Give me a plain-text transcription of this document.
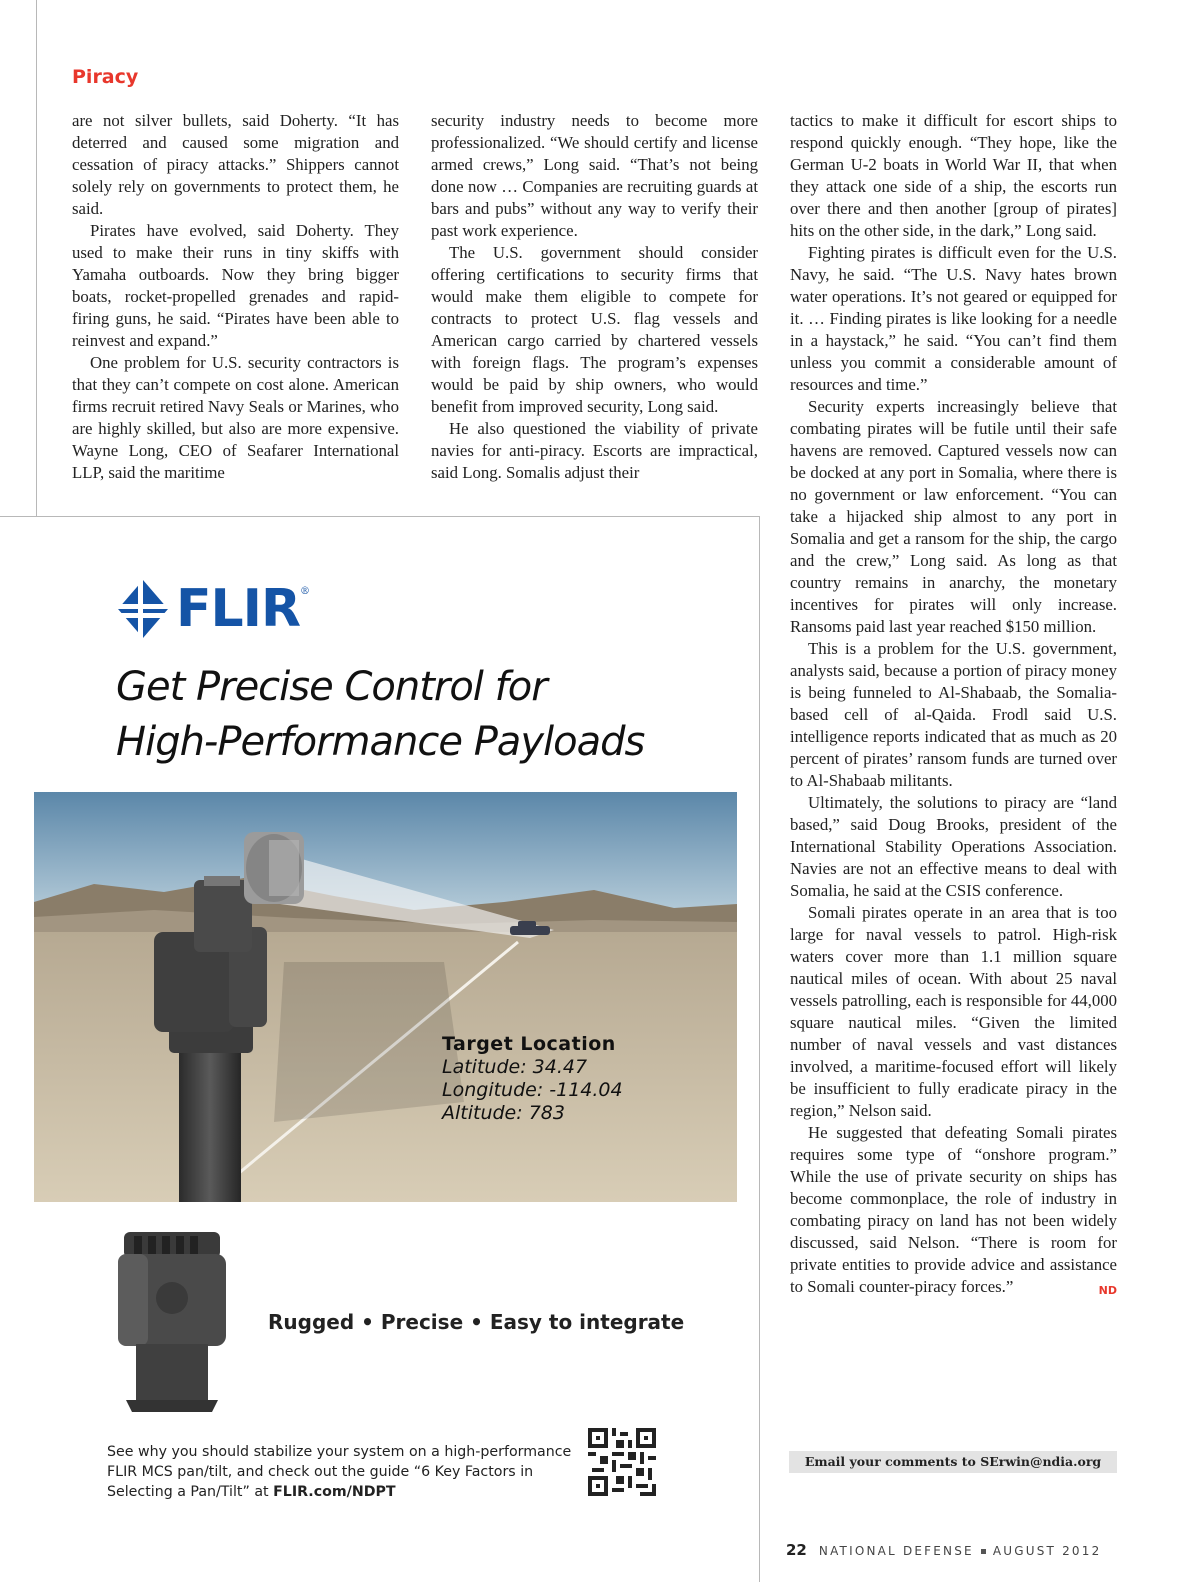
Piracy

are not silver bullets, said Doherty. “It has deterred and caused some migration and cessation of piracy attacks.” Shippers cannot solely rely on governments to protect them, he said.

Pirates have evolved, said Doherty. They used to make their runs in tiny skiffs with Yamaha outboards. Now they bring bigger boats, rocket-propelled grenades and rapid-firing guns, he said. “Pirates have been able to reinvest and expand.”

One problem for U.S. security contractors is that they can’t compete on cost alone. American firms recruit retired Navy Seals or Marines, who are highly skilled, but also are more expensive. Wayne Long, CEO of Seafarer International LLP, said the maritime

security industry needs to become more professionalized. “We should certify and license armed crews,” Long said. “That’s not being done now … Companies are recruiting guards at bars and pubs” without any way to verify their past work experience.

The U.S. government should consider offering certifications to security firms that would make them eligible to compete for contracts to protect U.S. flag vessels and American cargo carried by chartered vessels with foreign flags. The program’s expenses would be paid by ship owners, who would benefit from improved security, Long said.

He also questioned the viability of private navies for anti-piracy. Escorts are impractical, said Long. Somalis adjust their

tactics to make it difficult for escort ships to respond quickly enough. “They hope, like the German U-2 boats in World War II, that when they attack one side of a ship, the escorts run over there and then another [group of pirates] hits on the other side, in the dark,” Long said.

Fighting pirates is difficult even for the U.S. Navy, he said. “The U.S. Navy hates brown water operations. It’s not geared or equipped for it. … Finding pirates is like looking for a needle in a haystack,” he said. “You can’t find them unless you commit a considerable amount of resources and time.”

Security experts increasingly believe that combating pirates will be futile until their safe havens are removed. Captured vessels now can be docked at any port in Somalia, where there is no government or law enforcement. “You can take a hijacked ship almost to any port in Somalia and get a ransom for the ship, the cargo and the crew,” Long said. As long as that country remains in anarchy, the monetary incentives for pirates will only increase. Ransoms paid last year reached $150 million.

This is a problem for the U.S. government, analysts said, because a portion of piracy money is being funneled to Al-Shabaab, the Somalia-based cell of al-Qaida. Frodl said U.S. intelligence reports indicated that as much as 20 percent of pirates’ ransom funds are turned over to Al-Shabaab militants.

Ultimately, the solutions to piracy are “land based,” said Doug Brooks, president of the International Stability Operations Association. Navies are not an effective means to deal with Somalia, he said at the CSIS conference.

Somali pirates operate in an area that is too large for naval vessels to patrol. High-risk waters cover more than 1.1 million square nautical miles of ocean. With about 25 naval vessels patrolling, each is responsible for 44,000 square nautical miles. “Given the limited number of naval vessels and vast distances involved, a maritime-focused effort will likely be insufficient to fully eradicate piracy in the region,” Nelson said.

He suggested that defeating Somali pirates requires some type of “onshore program.” While the use of private security on ships has become commonplace, the role of industry in combating piracy on land has not been widely discussed, said Nelson. “There is room for private entities to provide advice and assistance to Somali counter-piracy forces.”	ND

Email your comments to SErwin@ndia.org
22 NATIONAL DEFENSE AUGUST 2012
FLIR ®
Get Precise Control for
High-Performance Payloads
Target Location
Latitude: 34.47
Longitude: -114.04
Altitude: 783
Rugged • Precise • Easy to integrate
See why you should stabilize your system on a high-performance
FLIR MCS pan/tilt, and check out the guide “6 Key Factors in
Selecting a Pan/Tilt” at FLIR.com/NDPT
